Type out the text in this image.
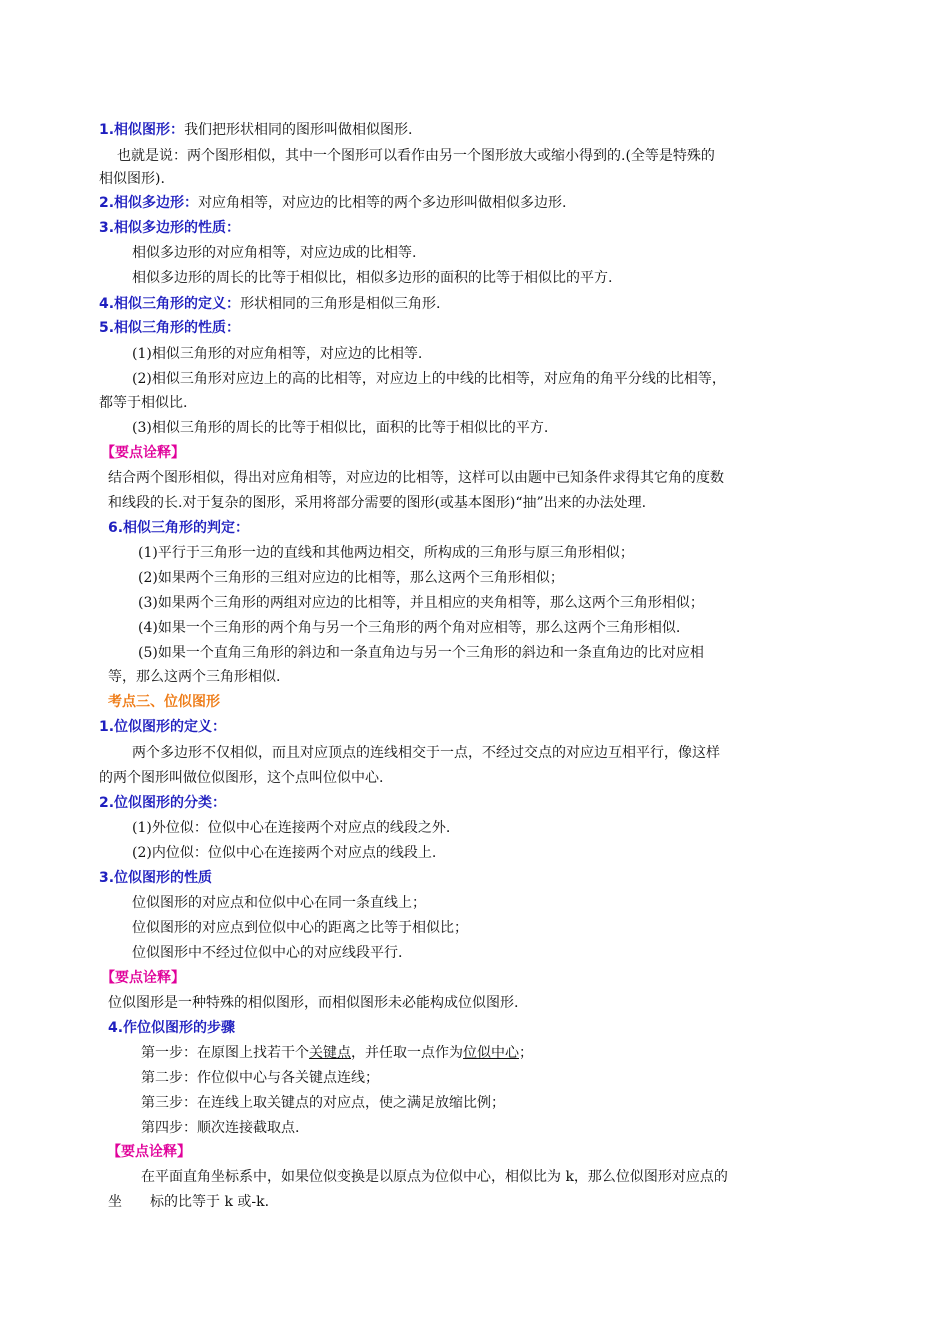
1.相似图形：我们把形状相同的图形叫做相似图形.
也就是说：两个图形相似，其中一个图形可以看作由另一个图形放大或缩小得到的.(全等是特殊的
相似图形).
2.相似多边形：对应角相等，对应边的比相等的两个多边形叫做相似多边形.
3.相似多边形的性质：
相似多边形的对应角相等，对应边成的比相等.
相似多边形的周长的比等于相似比，相似多边形的面积的比等于相似比的平方.
4.相似三角形的定义：形状相同的三角形是相似三角形.
5.相似三角形的性质：
(1)相似三角形的对应角相等，对应边的比相等.
(2)相似三角形对应边上的高的比相等，对应边上的中线的比相等，对应角的角平分线的比相等，
都等于相似比.
(3)相似三角形的周长的比等于相似比，面积的比等于相似比的平方.
【要点诠释】
结合两个图形相似，得出对应角相等，对应边的比相等，这样可以由题中已知条件求得其它角的度数
和线段的长.对于复杂的图形，采用将部分需要的图形(或基本图形)“抽”出来的办法处理.
6.相似三角形的判定：
(1)平行于三角形一边的直线和其他两边相交，所构成的三角形与原三角形相似；
(2)如果两个三角形的三组对应边的比相等，那么这两个三角形相似；
(3)如果两个三角形的两组对应边的比相等，并且相应的夹角相等，那么这两个三角形相似；
(4)如果一个三角形的两个角与另一个三角形的两个角对应相等，那么这两个三角形相似.
(5)如果一个直角三角形的斜边和一条直角边与另一个三角形的斜边和一条直角边的比对应相
等，那么这两个三角形相似.
考点三、位似图形
1.位似图形的定义：
两个多边形不仅相似，而且对应顶点的连线相交于一点，不经过交点的对应边互相平行，像这样
的两个图形叫做位似图形，这个点叫位似中心.
2.位似图形的分类：
(1)外位似：位似中心在连接两个对应点的线段之外.
(2)内位似：位似中心在连接两个对应点的线段上.
3.位似图形的性质
位似图形的对应点和位似中心在同一条直线上；
位似图形的对应点到位似中心的距离之比等于相似比；
位似图形中不经过位似中心的对应线段平行.
【要点诠释】
位似图形是一种特殊的相似图形，而相似图形未必能构成位似图形.
4.作位似图形的步骤
第一步：在原图上找若干个关键点，并任取一点作为位似中心；
第二步：作位似中心与各关键点连线；
第三步：在连线上取关键点的对应点，使之满足放缩比例；
第四步：顺次连接截取点.
【要点诠释】
在平面直角坐标系中，如果位似变换是以原点为位似中心，相似比为 k，那么位似图形对应点的
坐 标的比等于 k 或-k.
